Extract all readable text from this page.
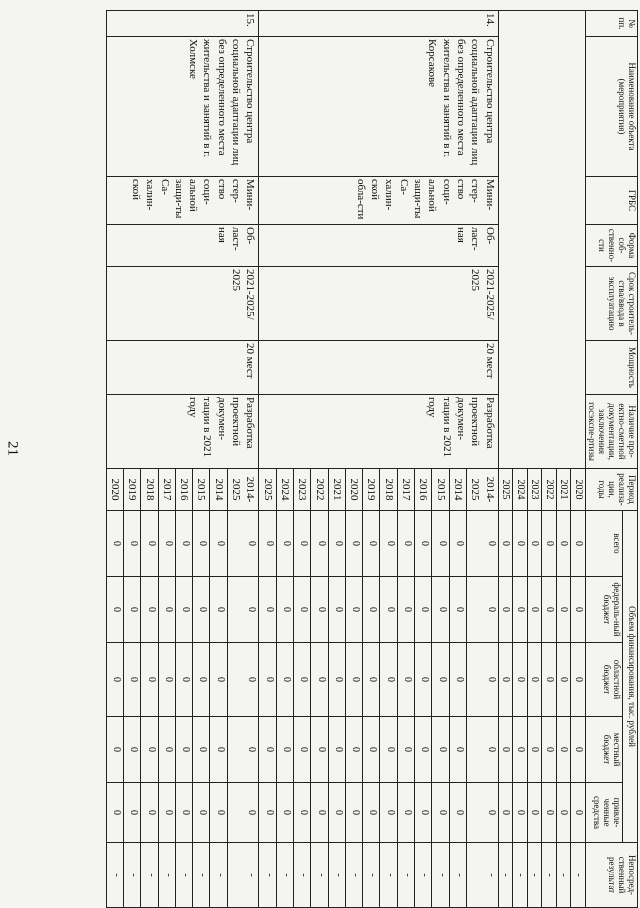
21
№ пп.	Наименование объекта (мероприятия)	ГРБС	Форма соб-ственно-сти	Срок строитель-ства/ввода в эксплуатацию	Мощность	Наличие про-ектно-сметной документации, заключения госэкспе-ртизы	Период реализа-ции, годы	Объем финансирования, тыс. рублей					Непосред-ственный результат
								всего	федераль-ный бюджет	областной бюджет	местный бюджет	привле-ченные средства	
							2020	0	0	0	0	0	-
							2021	0	0	0	0	0	-
							2022	0	0	0	0	0	-
							2023	0	0	0	0	0	-
							2024	0	0	0	0	0	-
							2025	0	0	0	0	0	-
14.	Строительство центра социальной адаптации лиц без определенного места жительства и занятий в г. Корсакове	Мини-стер-ство соци-альной защи-ты Са-халин-ской обла-сти	Об-ласт-ная	2021-2025/ 2025	20 мест	Разработка проектной докумен-тации в 2021 году	2014-2025	0	0	0	0	0	-
							2014	0	0	0	0	0	-
							2015	0	0	0	0	0	-
							2016	0	0	0	0	0	-
							2017	0	0	0	0	0	-
							2018	0	0	0	0	0	-
							2019	0	0	0	0	0	-
							2020	0	0	0	0	0	-
							2021	0	0	0	0	0	-
							2022	0	0	0	0	0	-
							2023	0	0	0	0	0	-
							2024	0	0	0	0	0	-
							2025	0	0	0	0	0	-
15.	Строительство центра социальной адаптации лиц без определенного места жительства и занятий в г. Холмске	Мини-стер-ство соци-альной защи-ты Са-халин-ской	Об-ласт-ная	2021-2025/ 2025	20 мест	Разработка проектной докумен-тации в 2021 году	2014-2025	0	0	0	0	0	-
							2014	0	0	0	0	0	-
							2015	0	0	0	0	0	-
							2016	0	0	0	0	0	-
							2017	0	0	0	0	0	-
							2018	0	0	0	0	0	-
							2019	0	0	0	0	0	-
							2020	0	0	0	0	0	-
